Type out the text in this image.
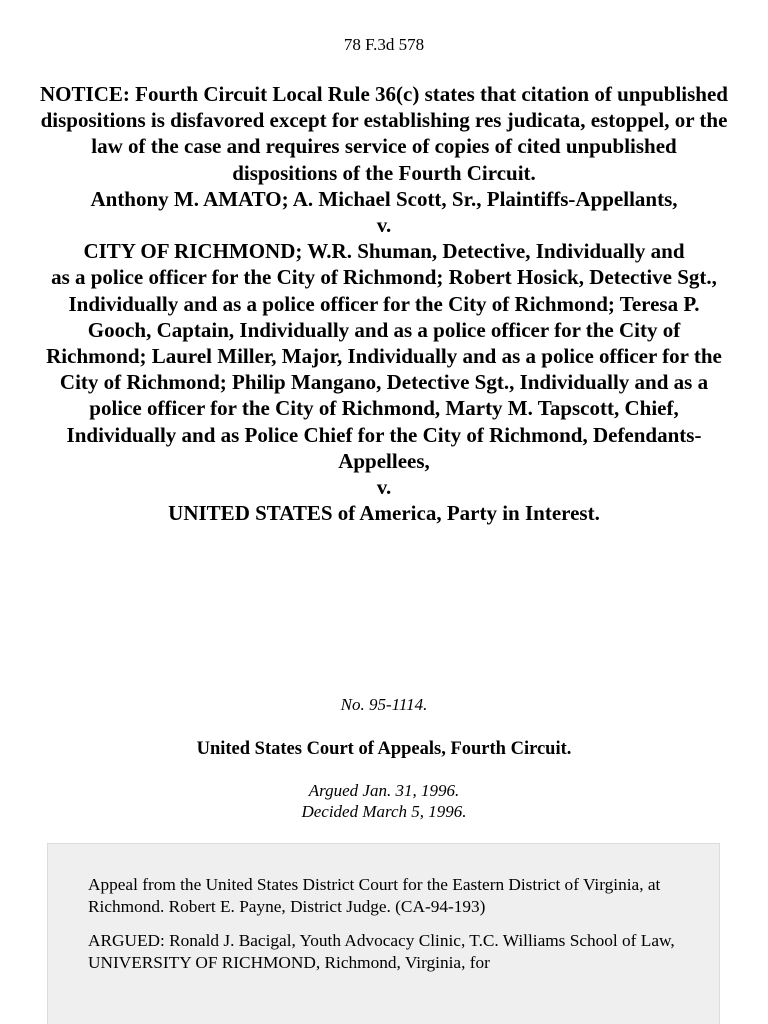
78 F.3d 578
NOTICE: Fourth Circuit Local Rule 36(c) states that citation of unpublished dispositions is disfavored except for establishing res judicata, estoppel, or the law of the case and requires service of copies of cited unpublished dispositions of the Fourth Circuit.
Anthony M. AMATO; A. Michael Scott, Sr., Plaintiffs-Appellants,
v.
CITY OF RICHMOND; W.R. Shuman, Detective, Individually and
as a police officer for the City of Richmond; Robert Hosick, Detective Sgt., Individually and as a police officer for the City of Richmond; Teresa P. Gooch, Captain, Individually and as a police officer for the City of Richmond; Laurel Miller, Major, Individually and as a police officer for the City of Richmond; Philip Mangano, Detective Sgt., Individually and as a police officer for the City of Richmond, Marty M. Tapscott, Chief, Individually and as Police Chief for the City of Richmond, Defendants-Appellees,
v.
UNITED STATES of America, Party in Interest.
No. 95-1114.
United States Court of Appeals, Fourth Circuit.
Argued Jan. 31, 1996.
Decided March 5, 1996.

Appeal from the United States District Court for the Eastern District of Virginia, at Richmond. Robert E. Payne, District Judge. (CA-94-193)

ARGUED: Ronald J. Bacigal, Youth Advocacy Clinic, T.C. Williams School of Law, UNIVERSITY OF RICHMOND, Richmond, Virginia, for
